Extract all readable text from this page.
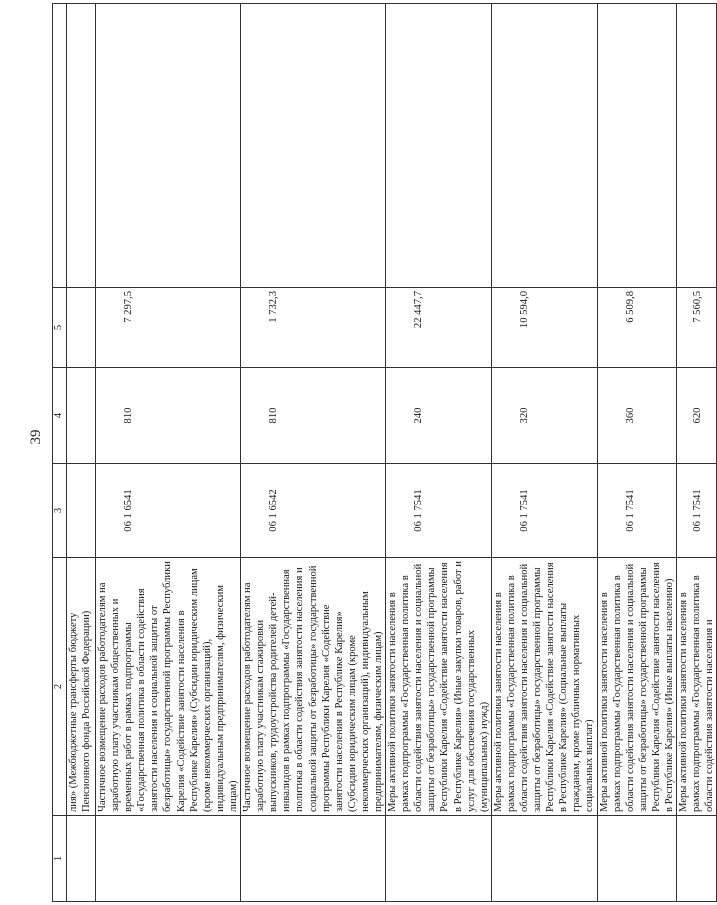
39
1	2	3	4	5	

	лия» (Межбюджетные трансферты бюджету Пенсионного фонда Российской Федерации)				

	Частичное возмещение расходов работодателям на заработную плату участникам общественных и временных работ в рамках подпрограммы «Государственная политика в области содействия занятости населения и социальной защиты от безработицы» государственной программы Республики Карелия «Содействие занятости населения в Республике Карелия» (Субсидии юридическим лицам (кроме некоммерческих организаций), индивидуальным предпринимателям, физическим лицам)	06 1 6541	810	7 297,5	

	Частичное возмещение расходов работодателям на заработную плату участникам стажировки выпускников, трудоустройства родителей детей-инвалидов в рамках подпрограммы «Государственная политика в области содействия занятости населения и социальной защиты от безработицы» государственной программы Республики Карелия «Содействие занятости населения в Республике Карелия» (Субсидии юридическим лицам (кроме некоммерческих организаций), индивидуальным предпринимателям, физическим лицам)	06 1 6542	810	1 732,3	

	Меры активной политики занятости населения в рамках подпрограммы «Государственная политика в области содействия занятости населения и социальной защиты от безработицы» государственной программы Республики Карелия «Содействие занятости населения в Республике Карелия» (Иные закупки товаров, работ и услуг для обеспечения государственных (муниципальных) нужд)	06 1 7541	240	22 447,7	

	Меры активной политики занятости населения в рамках подпрограммы «Государственная политика в области содействия занятости населения и социальной защиты от безработицы» государственной программы Республики Карелия «Содействие занятости населения в Республике Карелия» (Социальные выплаты гражданам, кроме публичных нормативных социальных выплат)	06 1 7541	320	10 594,0	

	Меры активной политики занятости населения в рамках подпрограммы «Государственная политика в области содействия занятости населения и социальной защиты от безработицы» государственной программы Республики Карелия «Содействие занятости населения в Республике Карелия» (Иные выплаты населению)	06 1 7541	360	6 509,8	

	Меры активной политики занятости населения в рамках подпрограммы «Государственная политика в области содействия занятости населения и	06 1 7541	620	7 560,5	
